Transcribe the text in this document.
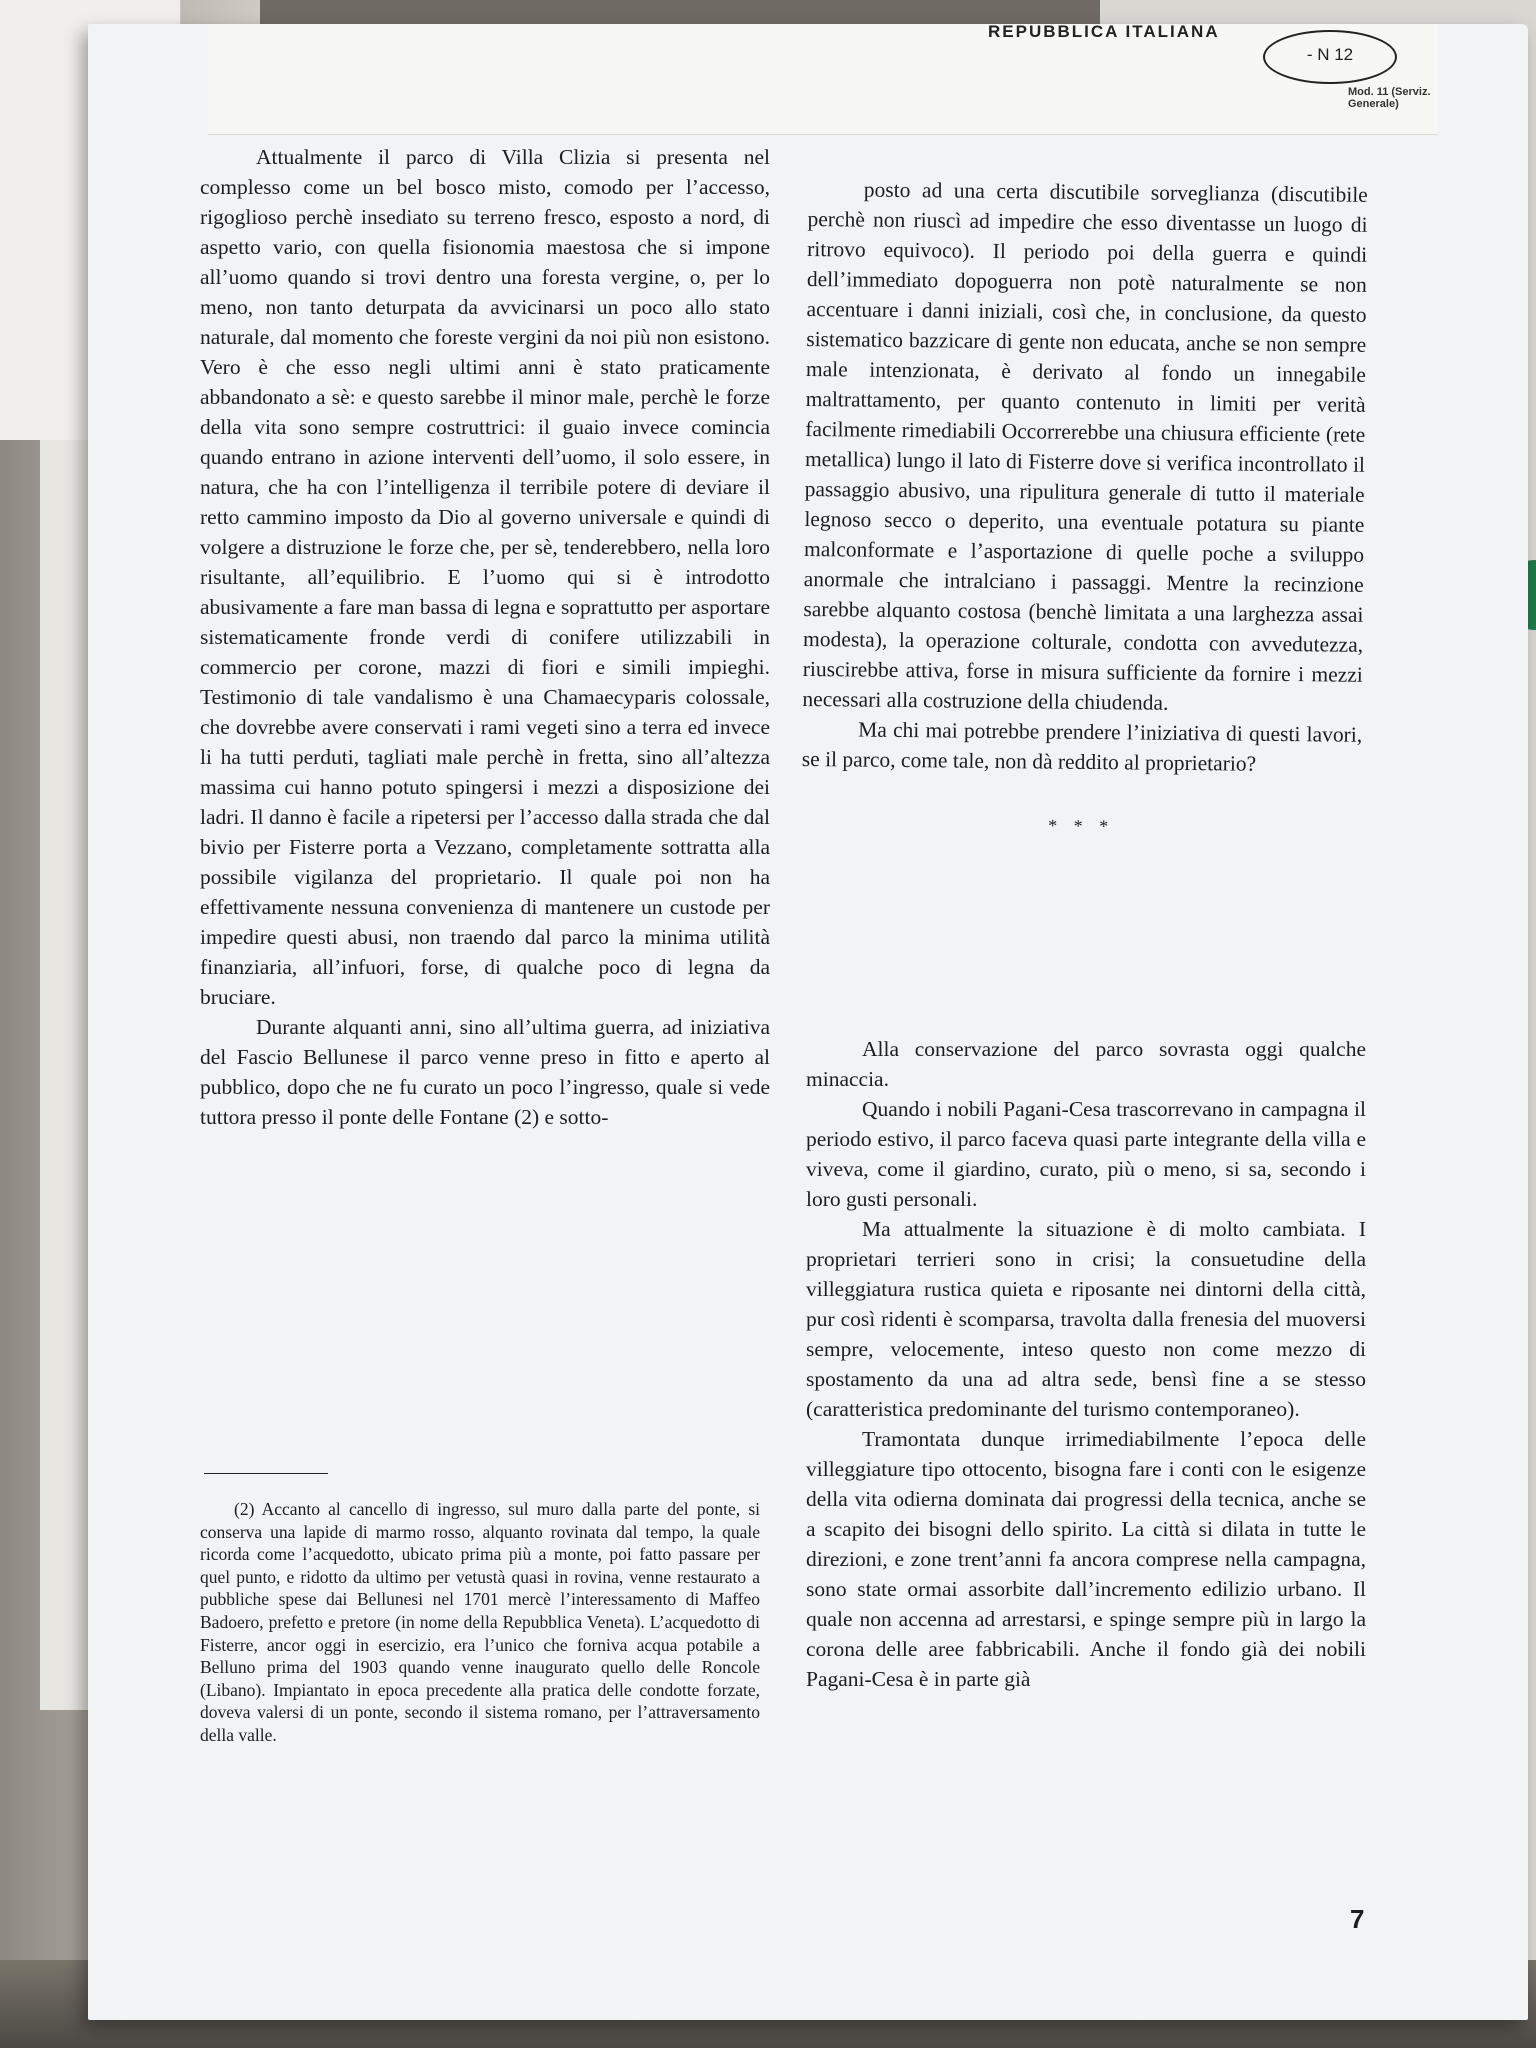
REPUBBLICA ITALIANA
- N 12
Mod. 11 (Serviz. Generale)

Attualmente il parco di Villa Clizia si presenta nel complesso come un bel bosco misto, comodo per l’accesso, rigoglioso perchè insediato su terreno fresco, esposto a nord, di aspetto vario, con quella fisionomia maestosa che si impone all’uomo quando si trovi dentro una foresta vergine, o, per lo meno, non tanto deturpata da avvicinarsi un poco allo stato naturale, dal momento che foreste vergini da noi più non esistono. Vero è che esso negli ultimi anni è stato praticamente abbandonato a sè: e questo sarebbe il minor male, perchè le forze della vita sono sempre costruttrici: il guaio invece comincia quando entrano in azione interventi dell’uomo, il solo essere, in natura, che ha con l’intelligenza il terribile potere di deviare il retto cammino imposto da Dio al governo universale e quindi di volgere a distruzione le forze che, per sè, tenderebbero, nella loro risultante, all’equilibrio. E l’uomo qui si è introdotto abusivamente a fare man bassa di legna e soprattutto per asportare sistematicamente fronde verdi di conifere utilizzabili in commercio per corone, mazzi di fiori e simili impieghi. Testimonio di tale vandalismo è una Chamaecyparis colossale, che dovrebbe avere conservati i rami vegeti sino a terra ed invece li ha tutti perduti, tagliati male perchè in fretta, sino all’altezza massima cui hanno potuto spingersi i mezzi a disposizione dei ladri. Il danno è facile a ripetersi per l’accesso dalla strada che dal bivio per Fisterre porta a Vezzano, completamente sottratta alla possibile vigilanza del proprietario. Il quale poi non ha effettivamente nessuna convenienza di mantenere un custode per impedire questi abusi, non traendo dal parco la minima utilità finanziaria, all’infuori, forse, di qualche poco di legna da bruciare.

Durante alquanti anni, sino all’ultima guerra, ad iniziativa del Fascio Bellunese il parco venne preso in fitto e aperto al pubblico, dopo che ne fu curato un poco l’ingresso, quale si vede tuttora presso il ponte delle Fontane (2) e sotto-

(2) Accanto al cancello di ingresso, sul muro dalla parte del ponte, si conserva una lapide di marmo rosso, alquanto rovinata dal tempo, la quale ricorda come l’acquedotto, ubicato prima più a monte, poi fatto passare per quel punto, e ridotto da ultimo per vetustà quasi in rovina, venne restaurato a pubbliche spese dai Bellunesi nel 1701 mercè l’interessamento di Maffeo Badoero, prefetto e pretore (in nome della Repubblica Veneta). L’acquedotto di Fisterre, ancor oggi in esercizio, era l’unico che forniva acqua potabile a Belluno prima del 1903 quando venne inaugurato quello delle Roncole (Libano). Impiantato in epoca precedente alla pratica delle condotte forzate, doveva valersi di un ponte, secondo il sistema romano, per l’attraversamento della valle.

posto ad una certa discutibile sorveglianza (discutibile perchè non riuscì ad impedire che esso diventasse un luogo di ritrovo equivoco). Il periodo poi della guerra e quindi dell’immediato dopoguerra non potè naturalmente se non accentuare i danni iniziali, così che, in conclusione, da questo sistematico bazzicare di gente non educata, anche se non sempre male intenzionata, è derivato al fondo un innegabile maltrattamento, per quanto contenuto in limiti per verità facilmente rimediabili Occorrerebbe una chiusura efficiente (rete metallica) lungo il lato di Fisterre dove si verifica incontrollato il passaggio abusivo, una ripulitura generale di tutto il materiale legnoso secco o deperito, una eventuale potatura su piante malconformate e l’asportazione di quelle poche a sviluppo anormale che intralciano i passaggi. Mentre la recinzione sarebbe alquanto costosa (benchè limitata a una larghezza assai modesta), la operazione colturale, condotta con avvedutezza, riuscirebbe attiva, forse in misura sufficiente da fornire i mezzi necessari alla costruzione della chiudenda.

Ma chi mai potrebbe prendere l’iniziativa di questi lavori, se il parco, come tale, non dà reddito al proprietario?

* * *

Alla conservazione del parco sovrasta oggi qualche minaccia.

Quando i nobili Pagani-Cesa trascorrevano in campagna il periodo estivo, il parco faceva quasi parte integrante della villa e viveva, come il giardino, curato, più o meno, si sa, secondo i loro gusti personali.

Ma attualmente la situazione è di molto cambiata. I proprietari terrieri sono in crisi; la consuetudine della villeggiatura rustica quieta e riposante nei dintorni della città, pur così ridenti è scomparsa, travolta dalla frenesia del muoversi sempre, velocemente, inteso questo non come mezzo di spostamento da una ad altra sede, bensì fine a se stesso (caratteristica predominante del turismo contemporaneo).

Tramontata dunque irrimediabilmente l’epoca delle villeggiature tipo ottocento, bisogna fare i conti con le esigenze della vita odierna dominata dai progressi della tecnica, anche se a scapito dei bisogni dello spirito. La città si dilata in tutte le direzioni, e zone trent’anni fa ancora comprese nella campagna, sono state ormai assorbite dall’incremento edilizio urbano. Il quale non accenna ad arrestarsi, e spinge sempre più in largo la corona delle aree fabbricabili. Anche il fondo già dei nobili Pagani-Cesa è in parte già

7
